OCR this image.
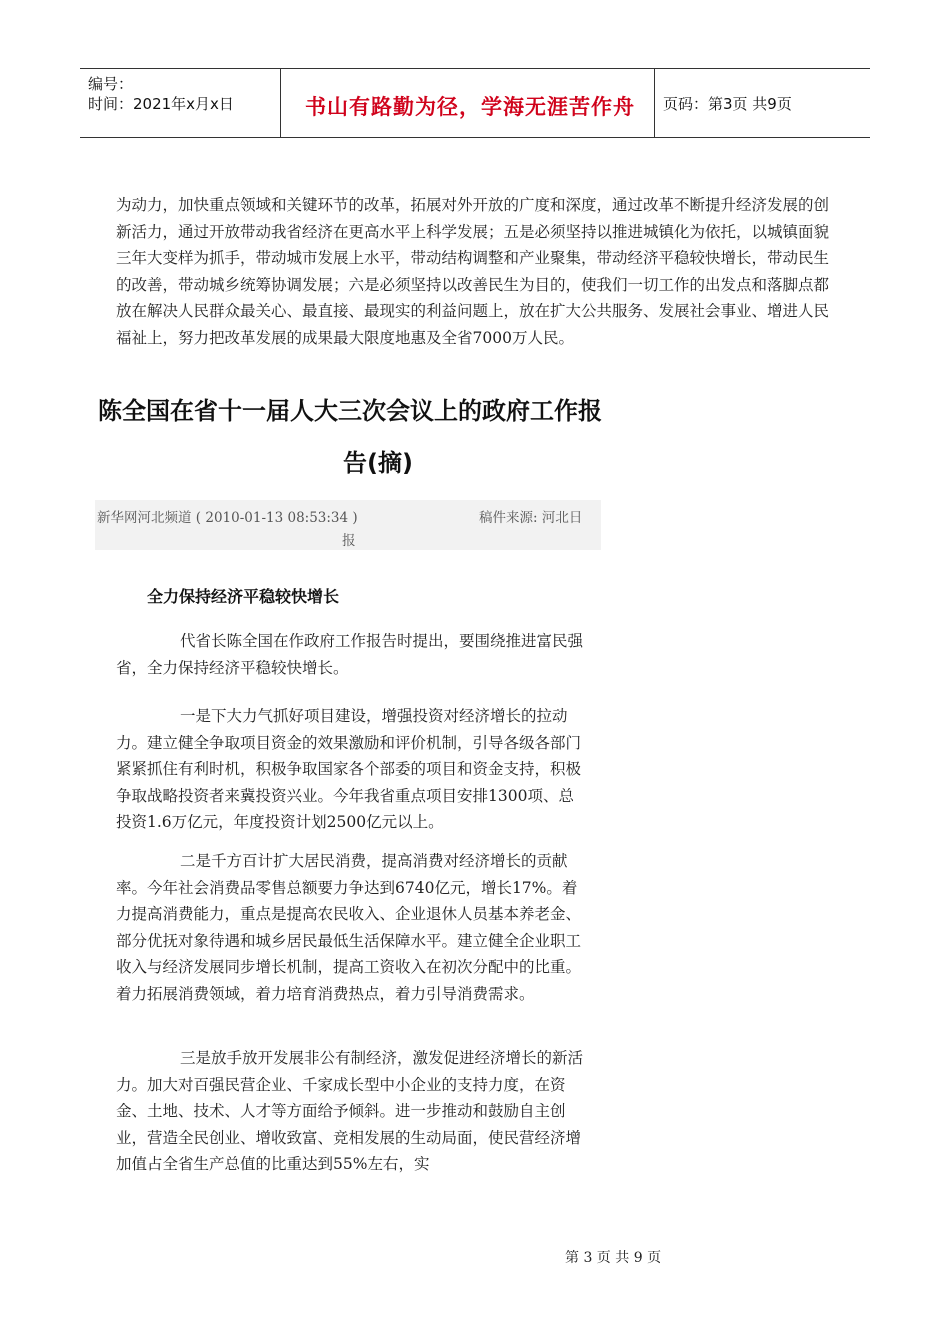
编号：
时间：2021年x月x日	书山有路勤为径，学海无涯苦作舟 页码：第3页 共9页

为动力，加快重点领域和关键环节的改革，拓展对外开放的广度和深度，通过改革不断提升经济发展的创新活力，通过开放带动我省经济在更高水平上科学发展；五是必须坚持以推进城镇化为依托，以城镇面貌三年大变样为抓手，带动城市发展上水平，带动结构调整和产业聚集，带动经济平稳较快增长，带动民生的改善，带动城乡统筹协调发展；六是必须坚持以改善民生为目的，使我们一切工作的出发点和落脚点都放在解决人民群众最关心、最直接、最现实的利益问题上，放在扩大公共服务、发展社会事业、增进人民福祉上，努力把改革发展的成果最大限度地惠及全省7000万人民。

陈全国在省十一届人大三次会议上的政府工作报
告(摘)
新华网河北频道 ( 2010-01-13 08:53:34 )	稿件来源: 河北日
报
全力保持经济平稳较快增长

代省长陈全国在作政府工作报告时提出，要围绕推进富民强省，全力保持经济平稳较快增长。

一是下大力气抓好项目建设，增强投资对经济增长的拉动力。建立健全争取项目资金的效果激励和评价机制，引导各级各部门紧紧抓住有利时机，积极争取国家各个部委的项目和资金支持，积极争取战略投资者来冀投资兴业。今年我省重点项目安排1300项、总投资1.6万亿元，年度投资计划2500亿元以上。

二是千方百计扩大居民消费，提高消费对经济增长的贡献率。今年社会消费品零售总额要力争达到6740亿元，增长17%。着力提高消费能力，重点是提高农民收入、企业退休人员基本养老金、部分优抚对象待遇和城乡居民最低生活保障水平。建立健全企业职工收入与经济发展同步增长机制，提高工资收入在初次分配中的比重。着力拓展消费领域，着力培育消费热点，着力引导消费需求。

三是放手放开发展非公有制经济，激发促进经济增长的新活力。加大对百强民营企业、千家成长型中小企业的支持力度，在资金、土地、技术、人才等方面给予倾斜。进一步推动和鼓励自主创业，营造全民创业、增收致富、竞相发展的生动局面，使民营经济增加值占全省生产总值的比重达到55%左右，实

第 3 页 共 9 页
